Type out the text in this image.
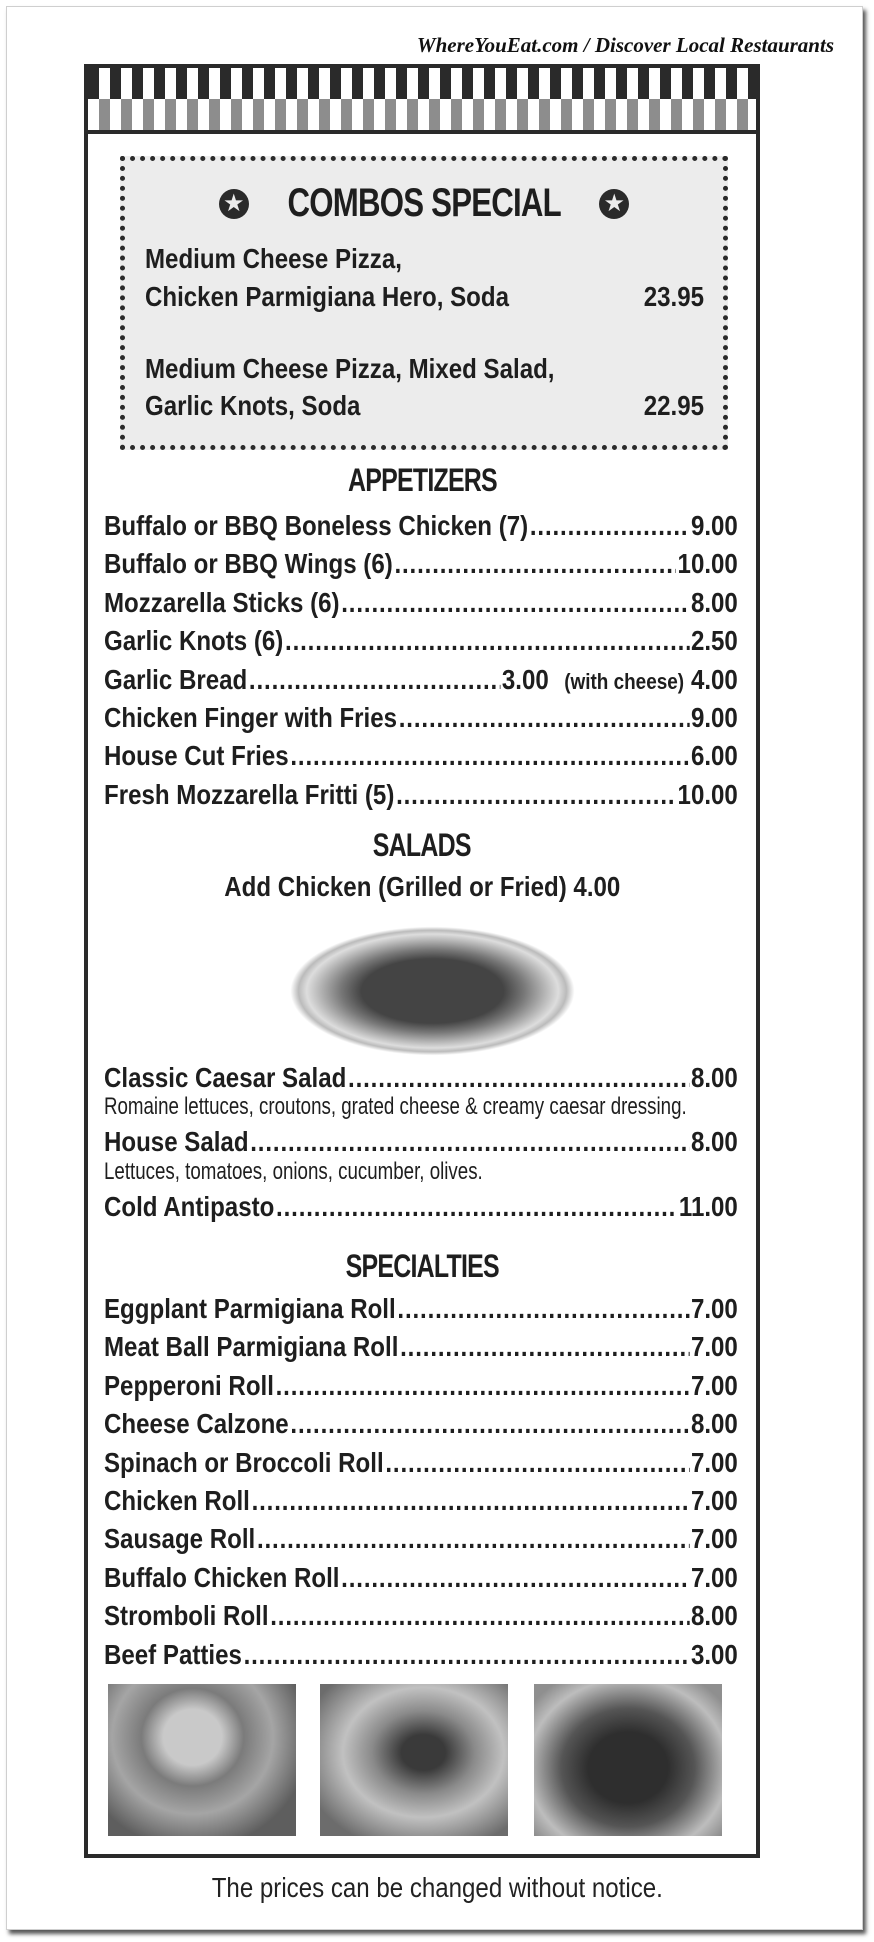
WhereYouEat.com / Discover Local Restaurants
★ COMBOS SPECIAL ★
Medium Cheese Pizza,
Chicken Parmigiana Hero, Soda	23.95
Medium Cheese Pizza, Mixed Salad,
Garlic Knots, Soda	22.95
APPETIZERS
Buffalo or BBQ Boneless Chicken (7) .....	9.00
Buffalo or BBQ Wings (6) .....	10.00
Mozzarella Sticks (6) .....	8.00
Garlic Knots (6) .....	2.50
Garlic Bread .....	3.00 (with cheese) 4.00
Chicken Finger with Fries .....	9.00
House Cut Fries .....	6.00
Fresh Mozzarella Fritti (5) .....	10.00
SALADS
Add Chicken (Grilled or Fried) 4.00
Classic Caesar Salad .....	8.00
Romaine lettuces, croutons, grated cheese & creamy caesar dressing.
House Salad .....	8.00
Lettuces, tomatoes, onions, cucumber, olives.
Cold Antipasto .....	11.00
SPECIALTIES
Eggplant Parmigiana Roll .....	7.00
Meat Ball Parmigiana Roll .....	7.00
Pepperoni Roll .....	7.00
Cheese Calzone .....	8.00
Spinach or Broccoli Roll .....	7.00
Chicken Roll .....	7.00
Sausage Roll .....	7.00
Buffalo Chicken Roll .....	7.00
Stromboli Roll .....	8.00
Beef Patties .....	3.00
The prices can be changed without notice.
